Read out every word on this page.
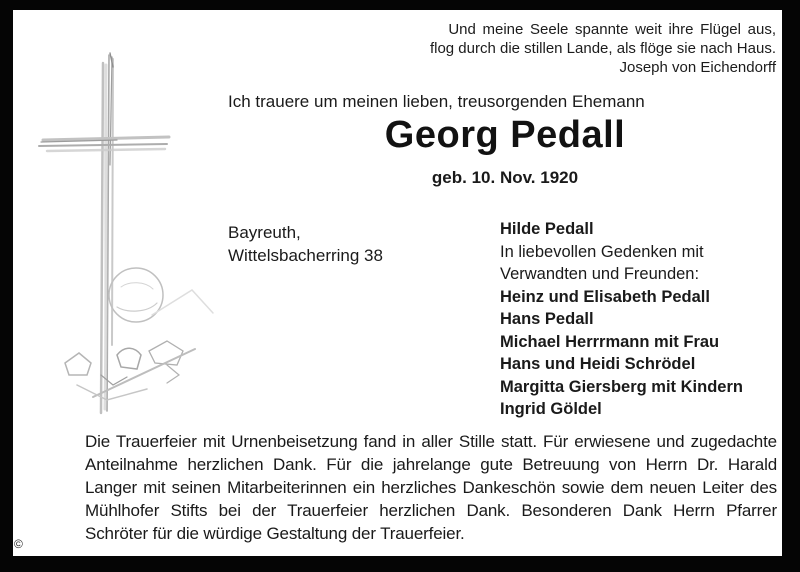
Und meine Seele spannte weit ihre Flügel aus,
flog durch die stillen Lande, als flöge sie nach Haus.
Joseph von Eichendorff
Ich trauere um meinen lieben, treusorgenden Ehemann
Georg Pedall
geb. 10. Nov. 1920
Bayreuth,
Wittelsbacherring 38
Hilde Pedall
In liebevollen Gedenken mit
Verwandten und Freunden:
Heinz und Elisabeth Pedall
Hans Pedall
Michael Herrrmann mit Frau
Hans und Heidi Schrödel
Margitta Giersberg mit Kindern
Ingrid Göldel
Die Trauerfeier mit Urnenbeisetzung fand in aller Stille statt. Für erwiesene und zugedachte Anteilnahme herzlichen Dank. Für die jahrelange gute Betreuung von Herrn Dr. Harald Langer mit seinen Mitarbeiterinnen ein herzliches Dankeschön sowie dem neuen Leiter des Mühlhofer Stifts bei der Trauerfeier herzlichen Dank. Besonderen Dank Herrn Pfarrer Schröter für die würdige Gestaltung der Trauerfeier.
©
